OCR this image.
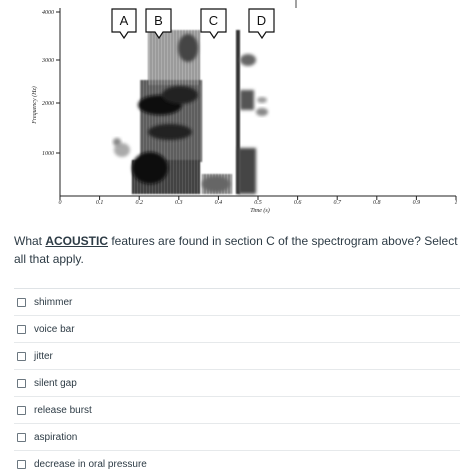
4000
3000
2000
1000
Frequency (Hz)
0	0.1	0.2	0.3	0.4	0.5	0.6	0.7	0.8	0.9	1
Time (s)
A B	C	D
What ACOUSTIC features are found in section C of the spectrogram above? Select all that apply.
shimmer
voice bar
jitter
silent gap
release burst
aspiration
decrease in oral pressure
